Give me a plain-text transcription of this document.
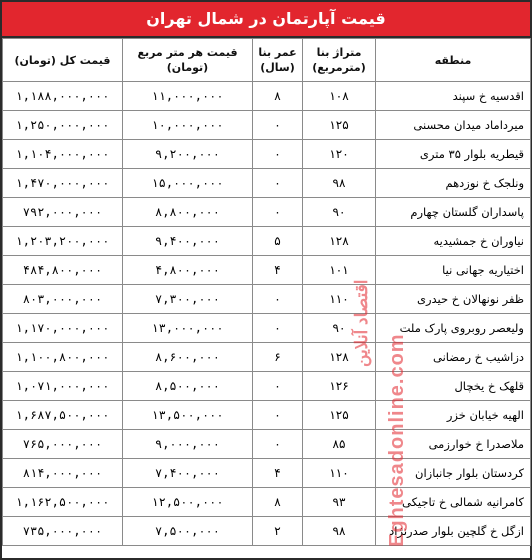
قیمت آپارتمان در شمال تهران
منطقه	متراژ بنا (مترمربع)	عمر بنا (سال)	قیمت هر متر مربع (تومان)	قیمت کل (تومان)
اقدسیه خ سپند	۱۰۸	۸	۱۱,۰۰۰,۰۰۰	۱,۱۸۸,۰۰۰,۰۰۰
میرداماد میدان محسنی	۱۲۵	۰	۱۰,۰۰۰,۰۰۰	۱,۲۵۰,۰۰۰,۰۰۰
قیطریه بلوار ۳۵ متری	۱۲۰	۰	۹,۲۰۰,۰۰۰	۱,۱۰۴,۰۰۰,۰۰۰
ونلجک خ نوزدهم	۹۸	۰	۱۵,۰۰۰,۰۰۰	۱,۴۷۰,۰۰۰,۰۰۰
پاسداران گلستان چهارم	۹۰	۰	۸,۸۰۰,۰۰۰	۷۹۲,۰۰۰,۰۰۰
نیاوران خ جمشیدیه	۱۲۸	۵	۹,۴۰۰,۰۰۰	۱,۲۰۳,۲۰۰,۰۰۰
اختیاریه جهانی نیا	۱۰۱	۴	۴,۸۰۰,۰۰۰	۴۸۴,۸۰۰,۰۰۰
ظفر نونهالان خ حیدری	۱۱۰	۰	۷,۳۰۰,۰۰۰	۸۰۳,۰۰۰,۰۰۰
ولیعصر روبروی پارک ملت	۹۰	۰	۱۳,۰۰۰,۰۰۰	۱,۱۷۰,۰۰۰,۰۰۰
دزاشیب خ رمضانی	۱۲۸	۶	۸,۶۰۰,۰۰۰	۱,۱۰۰,۸۰۰,۰۰۰
قلهک خ یخچال	۱۲۶	۰	۸,۵۰۰,۰۰۰	۱,۰۷۱,۰۰۰,۰۰۰
الهیه خیابان خزر	۱۲۵	۰	۱۳,۵۰۰,۰۰۰	۱,۶۸۷,۵۰۰,۰۰۰
ملاصدرا خ خوارزمی	۸۵	۰	۹,۰۰۰,۰۰۰	۷۶۵,۰۰۰,۰۰۰
کردستان بلوار جانبازان	۱۱۰	۴	۷,۴۰۰,۰۰۰	۸۱۴,۰۰۰,۰۰۰
کامرانیه شمالی خ تاجیکی	۹۳	۸	۱۲,۵۰۰,۰۰۰	۱,۱۶۲,۵۰۰,۰۰۰
ازگل خ گلچین بلوار صدرنژاد	۹۸	۲	۷,۵۰۰,۰۰۰	۷۳۵,۰۰۰,۰۰۰
اقتصاد آنلاین
Eghtesadonline.com
